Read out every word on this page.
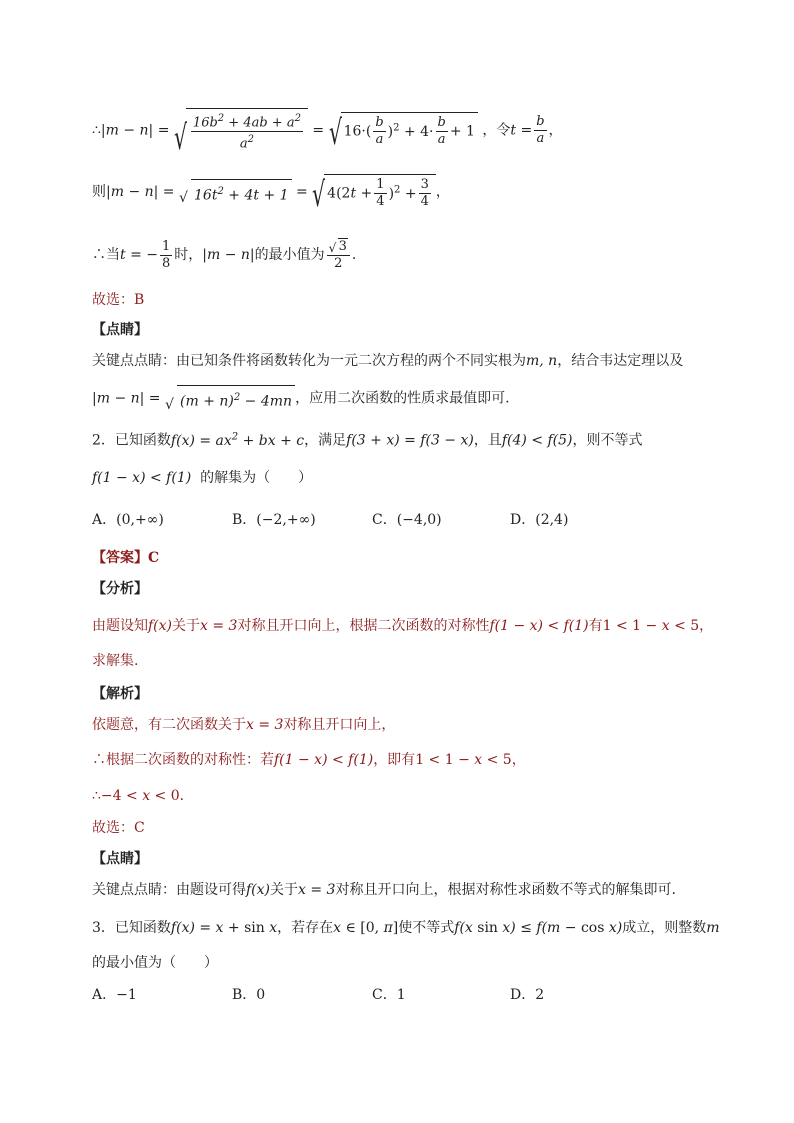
∴|m − n| = √ $\frac{16b^2 + 4ab + a^2}{a^2}$ = √ $16\cdot( \frac{b}{a} )^2 + 4\cdot \frac{b}{a} + 1$ ，令$t = \frac{b}{a}$ ，
则|m − n| = √ $16t^2 + 4t + 1$ = √ $4(2t + \frac{1}{4} )^2 + \frac{3}{4}$ ，
∴当t = − $\frac{1}{8}$ 时，|m − n|的最小值为 $\frac{√ 3}{2}$ .
故选：B
【点睛】
关键点点睛：由已知条件将函数转化为一元二次方程的两个不同实根为m, n，结合韦达定理以及
|m − n| = √ $(m + n)^2 - 4mn$ ，应用二次函数的性质求最值即可.
2．已知函数$f(x) = ax^2$ + bx + c，满足f(3 + x) = f(3 − x)，且f(4) < f(5)，则不等式
f(1 − x) < f(1) 的解集为（　　）
A．(0,+∞)	B．(−2,+∞)	C．(−4,0)	D．(2,4)
【答案】C
【分析】
由题设知f(x)关于x = 3对称且开口向上，根据二次函数的对称性f(1 − x) < f(1)有1 < 1 − x < 5，
求解集.
【解析】
依题意，有二次函数关于x = 3对称且开口向上，
∴根据二次函数的对称性：若f(1 − x) < f(1)，即有1 < 1 − x < 5，
∴−4 < x < 0.
故选：C
【点睛】
关键点点睛：由题设可得f(x)关于x = 3对称且开口向上，根据对称性求函数不等式的解集即可.
3．已知函数f(x) = x + sin x，若存在x ∈ [0, π]使不等式f(x sin x) ≤ f(m − cos x)成立，则整数m
的最小值为（　　）
A．−1	B．0	C．1	D．2
